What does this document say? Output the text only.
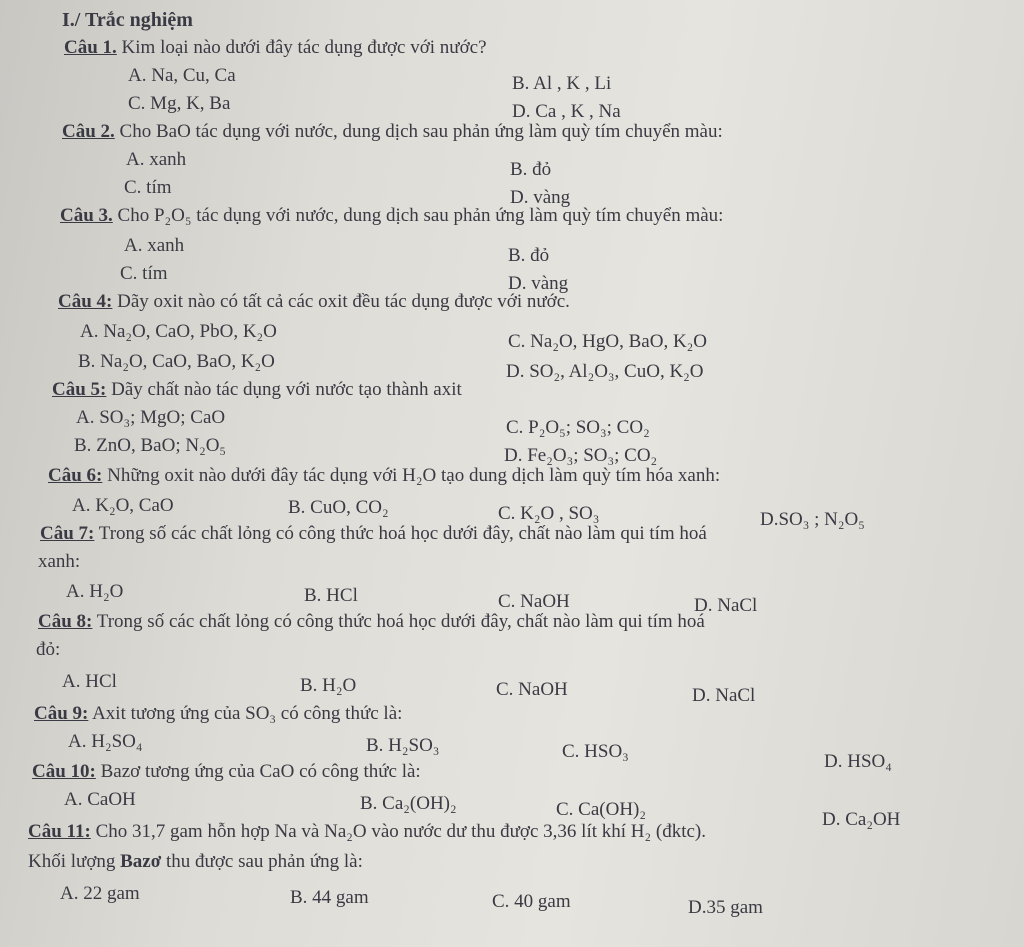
I./ Trắc nghiệm
Câu 1. Kim loại nào dưới đây tác dụng được với nước?
A. Na, Cu, Ca	B. Al , K , Li
C. Mg, K, Ba	D. Ca , K , Na
Câu 2. Cho BaO tác dụng với nước, dung dịch sau phản ứng làm quỳ tím chuyển màu:
A. xanh	B. đỏ
C. tím	D. vàng
Câu 3. Cho P₂O₅ tác dụng với nước, dung dịch sau phản ứng làm quỳ tím chuyển màu:
A. xanh	B. đỏ
C. tím	D. vàng
Câu 4: Dãy oxit nào có tất cả các oxit đều tác dụng được với nước.
A. Na₂O, CaO, PbO, K₂O	C. Na₂O, HgO, BaO, K₂O
B. Na₂O, CaO, BaO, K₂O	D. SO₂, Al₂O₃, CuO, K₂O
Câu 5: Dãy chất nào tác dụng với nước tạo thành axit
A. SO₃; MgO; CaO	C. P₂O₅; SO₃; CO₂
B. ZnO, BaO; N₂O₅	D. Fe₂O₃; SO₃; CO₂
Câu 6: Những oxit nào dưới đây tác dụng với H₂O tạo dung dịch làm quỳ tím hóa xanh:
A. K₂O, CaO	B. CuO, CO₂	C. K₂O , SO₃	D.SO₃ ; N₂O₅
Câu 7: Trong số các chất lỏng có công thức hoá học dưới đây, chất nào làm qui tím hoá
xanh:
A. H₂O	B. HCl	C. NaOH	D. NaCl
Câu 8: Trong số các chất lỏng có công thức hoá học dưới đây, chất nào làm qui tím hoá
đỏ:
A. HCl	B. H₂O	C. NaOH	D. NaCl
Câu 9: Axit tương ứng của SO₃ có công thức là:
A. H₂SO₄	B. H₂SO₃	C. HSO₃	D. HSO₄
Câu 10: Bazơ tương ứng của CaO có công thức là:
A. CaOH	B. Ca₂(OH)₂	C. Ca(OH)₂	D. Ca₂OH
Câu 11: Cho 31,7 gam hỗn hợp Na và Na₂O vào nước dư thu được 3,36 lít khí H₂ (đktc).
Khối lượng Bazơ thu được sau phản ứng là:
A. 22 gam	B. 44 gam	C. 40 gam	D.35 gam
